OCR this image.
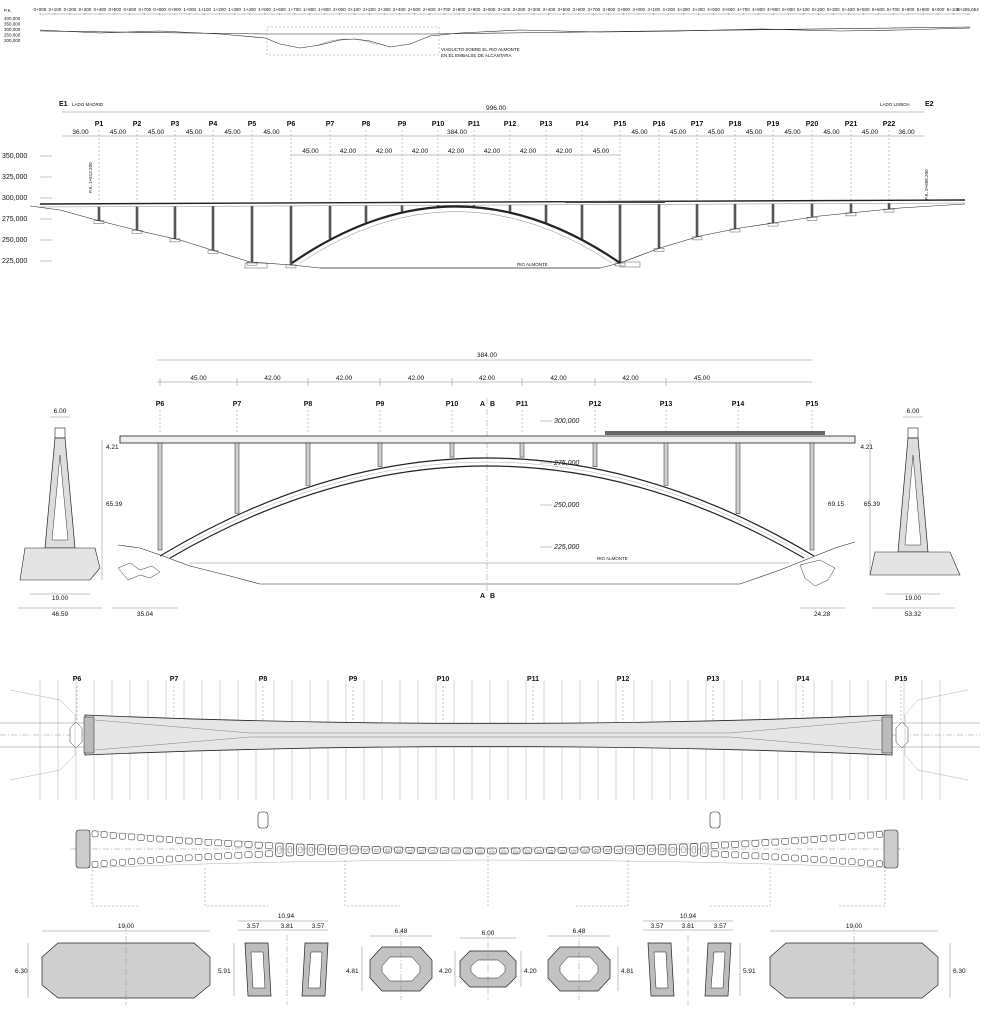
P.K.	0+000 0+100 0+200 0+300 0+400 0+500 0+600 0+700 0+800 0+900 1+000 1+100 1+200 1+300 1+400 1+500 1+600 1+700 1+800 1+900 2+000 2+100 2+200 2+300 2+400 2+500 2+600 2+700 2+800 2+900 3+000 3+100 3+200 3+300 3+400 3+500 3+600 3+700 3+800 3+900 4+000 4+100 4+200 4+300 4+400 4+500 4+600 4+700 4+800 4+900 5+000 5+100 5+200 5+300 5+400 5+500 5+600 5+700 5+800 5+900 6+000 6+100
6+265,054
400,000
350,000
300,000
250,000
200,000
VIADUCTO SOBRE EL RIO ALMONTE
EN EL EMBALSE DE ALCANTARA
E1 LADO MADRID	E2
LADO LISBOA
996.00
384.00
P1	P2	P3	P4	P5	P6	P7	P8	P9	P10	P11	P12	P13	P14	P15	P16	P17	P18	P19	P20	P21	P22
36.00	45.00	45.00	45.00	45.00	45.00	45.00	45.00	45.00	45.00	45.00	45.00	45.00	36.00
45.00	42.00	42.00	42.00	42.00	42.00	42.00	42.00	45.00
350,000
325,000
300,000
275,000
250,000
225,000
P.K. 1+612.200	P.K. 2+608.200
RIO ALMONTE
384.00
45.00	42.00	42.00	42.00	42.00	42.00	42.00	45.00
P6	P7	P8	P9	P10	P11	P12	P13	P14	P15
A B
A B
300,000
275,000
250,000
225,000
RIO ALMONTE
6.00
4.21
65.39
19.00
46.59	35.04
6.00
4.21
65.39
69.15
19.00
53.32
24.28
P6	P7	P8	P9	P10	P11	P12	P13	P14	P15
19.00
6.30
10.94
3.57	3.81	3.57
5.91
6.48
4.81
6.00
4.20	4.20
6.48
4.81
10.94
3.57	3.81	3.57
5.91
19.00
6.30
